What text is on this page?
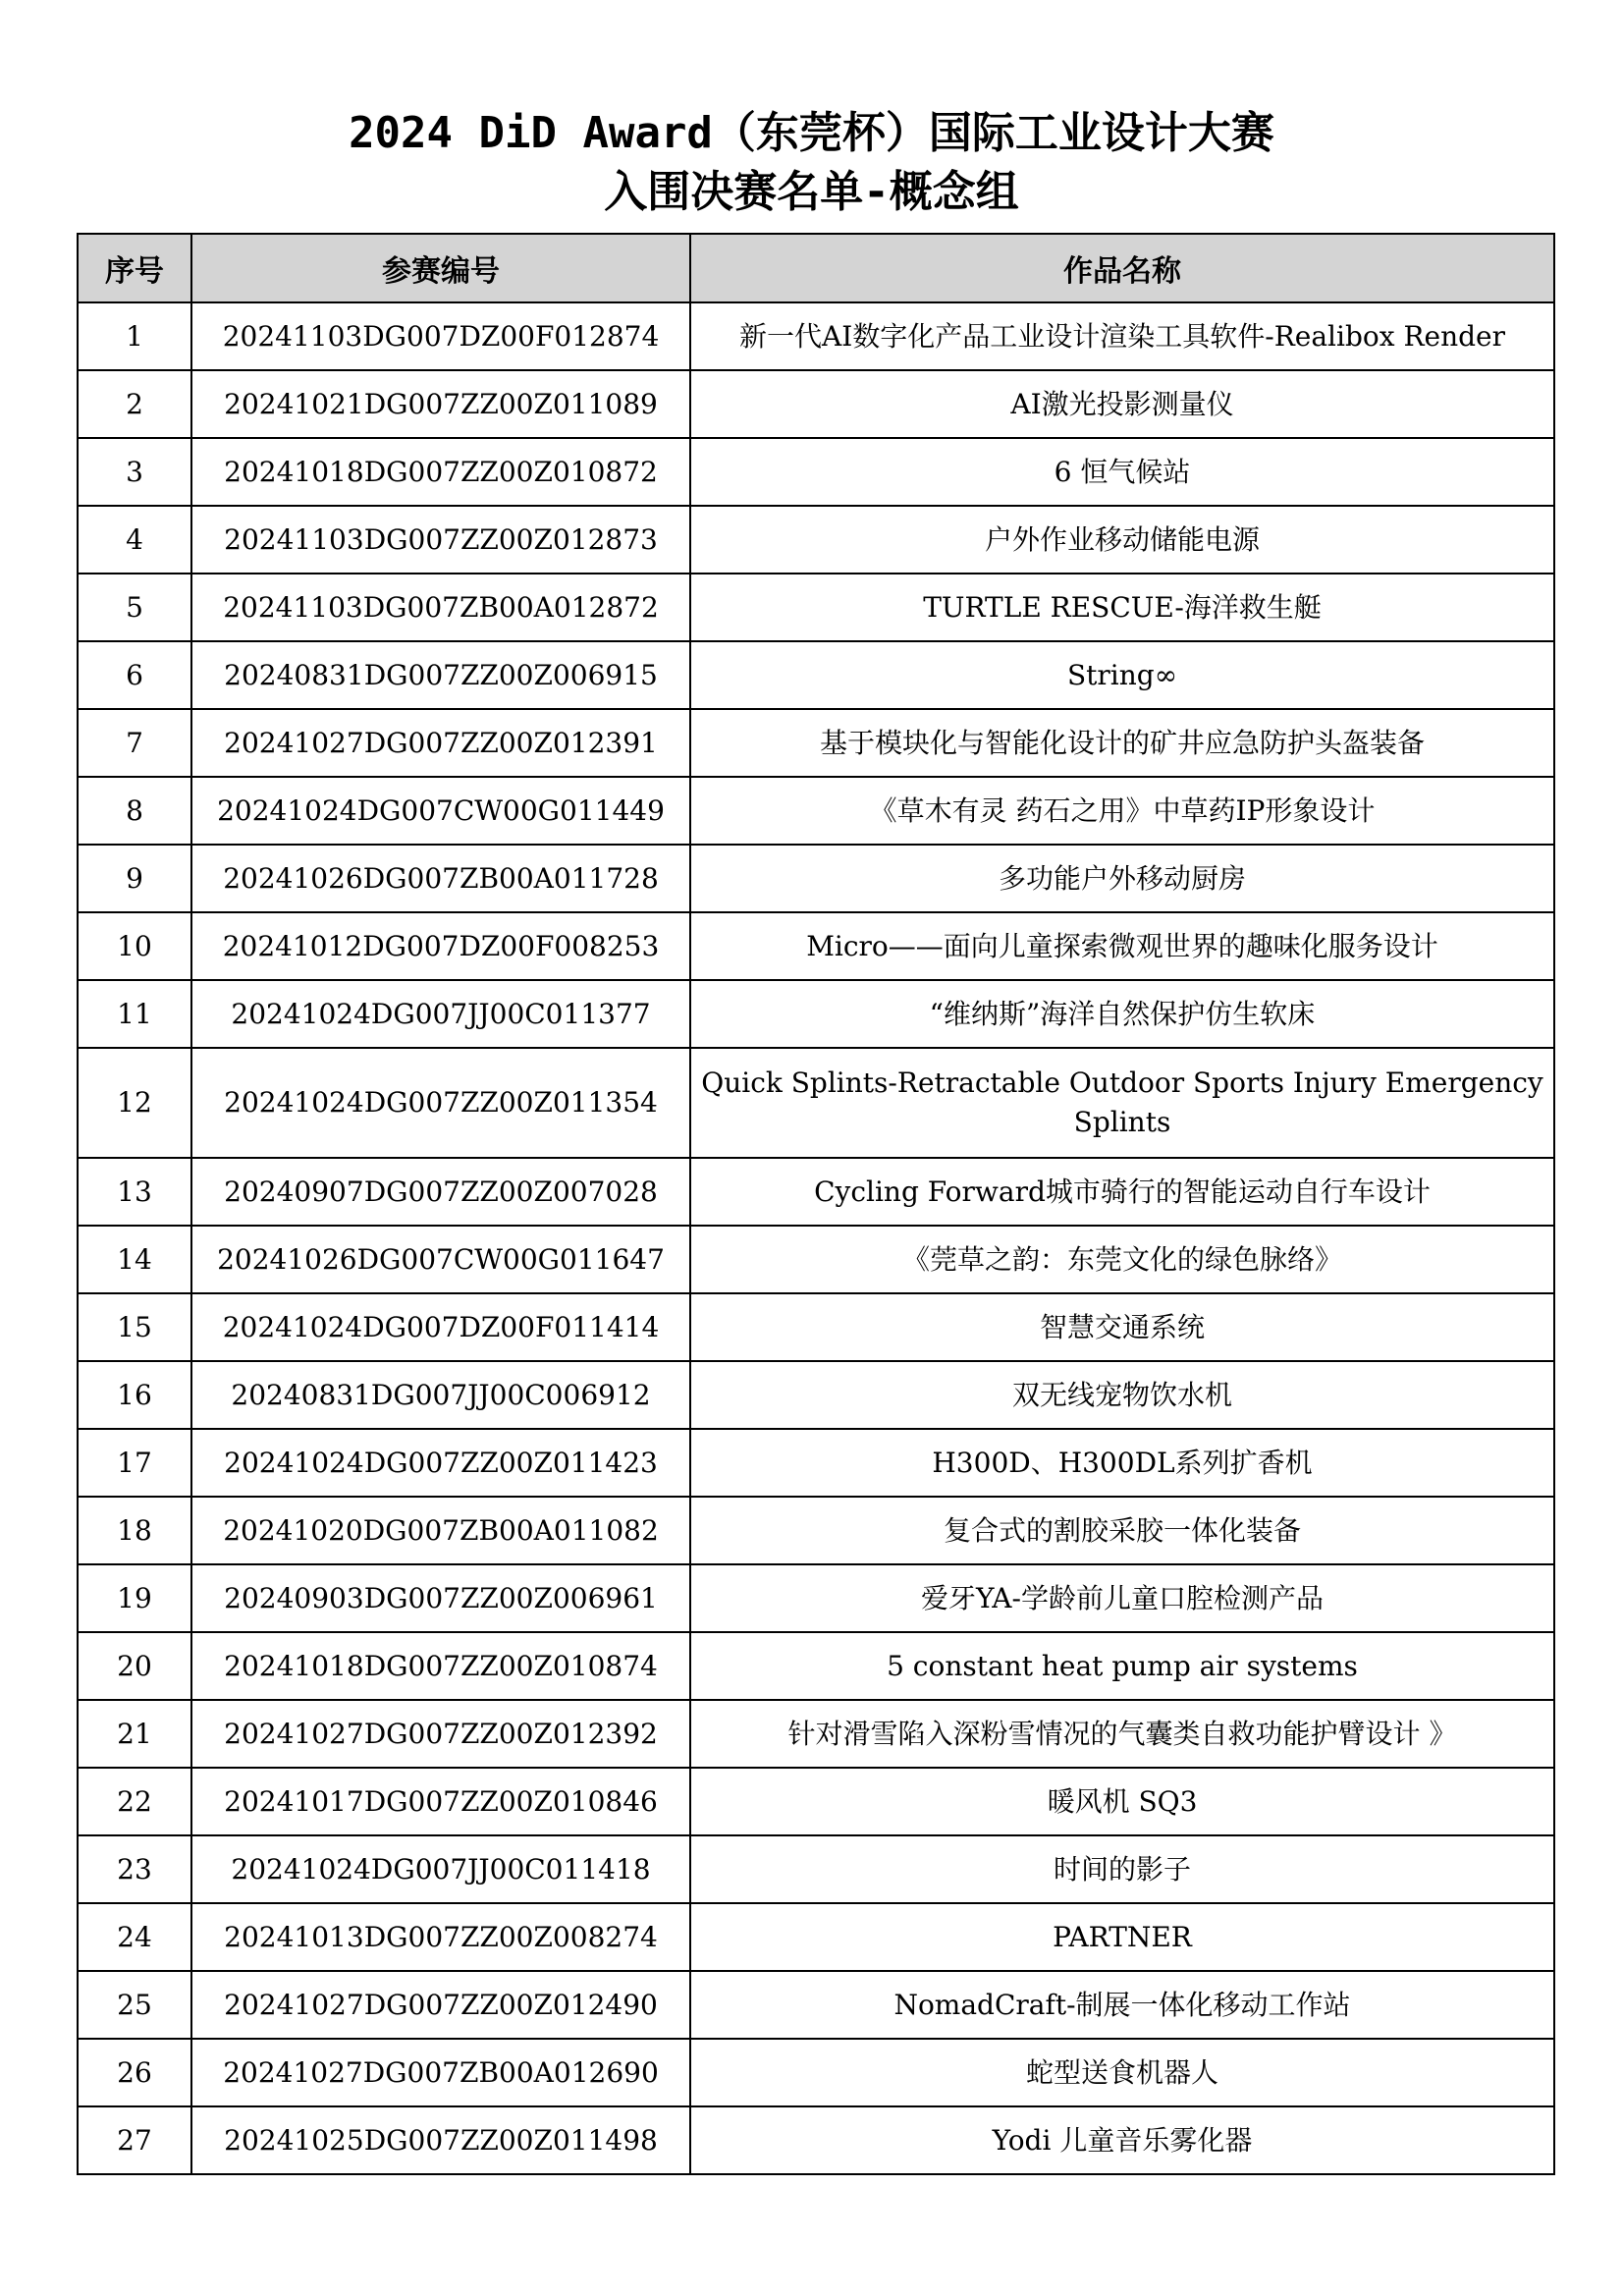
2024 DiD Award（东莞杯）国际工业设计大赛
入围决赛名单-概念组
序号	参赛编号	作品名称
1	20241103DG007DZ00F012874	新一代AI数字化产品工业设计渲染工具软件-Realibox Render
2	20241021DG007ZZ00Z011089	AI激光投影测量仪
3	20241018DG007ZZ00Z010872	6 恒气候站
4	20241103DG007ZZ00Z012873	户外作业移动储能电源
5	20241103DG007ZB00A012872	TURTLE RESCUE-海洋救生艇
6	20240831DG007ZZ00Z006915	String∞
7	20241027DG007ZZ00Z012391	基于模块化与智能化设计的矿井应急防护头盔装备
8	20241024DG007CW00G011449	《草木有灵 药石之用》中草药IP形象设计
9	20241026DG007ZB00A011728	多功能户外移动厨房
10	20241012DG007DZ00F008253	Micro——面向儿童探索微观世界的趣味化服务设计
11	20241024DG007JJ00C011377	“维纳斯”海洋自然保护仿生软床
12	20241024DG007ZZ00Z011354	Quick Splints-Retractable Outdoor Sports Injury Emergency Splints
13	20240907DG007ZZ00Z007028	Cycling Forward城市骑行的智能运动自行车设计
14	20241026DG007CW00G011647	《莞草之韵：东莞文化的绿色脉络》
15	20241024DG007DZ00F011414	智慧交通系统
16	20240831DG007JJ00C006912	双无线宠物饮水机
17	20241024DG007ZZ00Z011423	H300D、H300DL系列扩香机
18	20241020DG007ZB00A011082	复合式的割胶采胶一体化装备
19	20240903DG007ZZ00Z006961	爱牙YA-学龄前儿童口腔检测产品
20	20241018DG007ZZ00Z010874	5 constant heat pump air systems
21	20241027DG007ZZ00Z012392	针对滑雪陷入深粉雪情况的气囊类自救功能护臂设计 》
22	20241017DG007ZZ00Z010846	暖风机 SQ3
23	20241024DG007JJ00C011418	时间的影子
24	20241013DG007ZZ00Z008274	PARTNER
25	20241027DG007ZZ00Z012490	NomadCraft-制展一体化移动工作站
26	20241027DG007ZB00A012690	蛇型送食机器人
27	20241025DG007ZZ00Z011498	Yodi 儿童音乐雾化器
